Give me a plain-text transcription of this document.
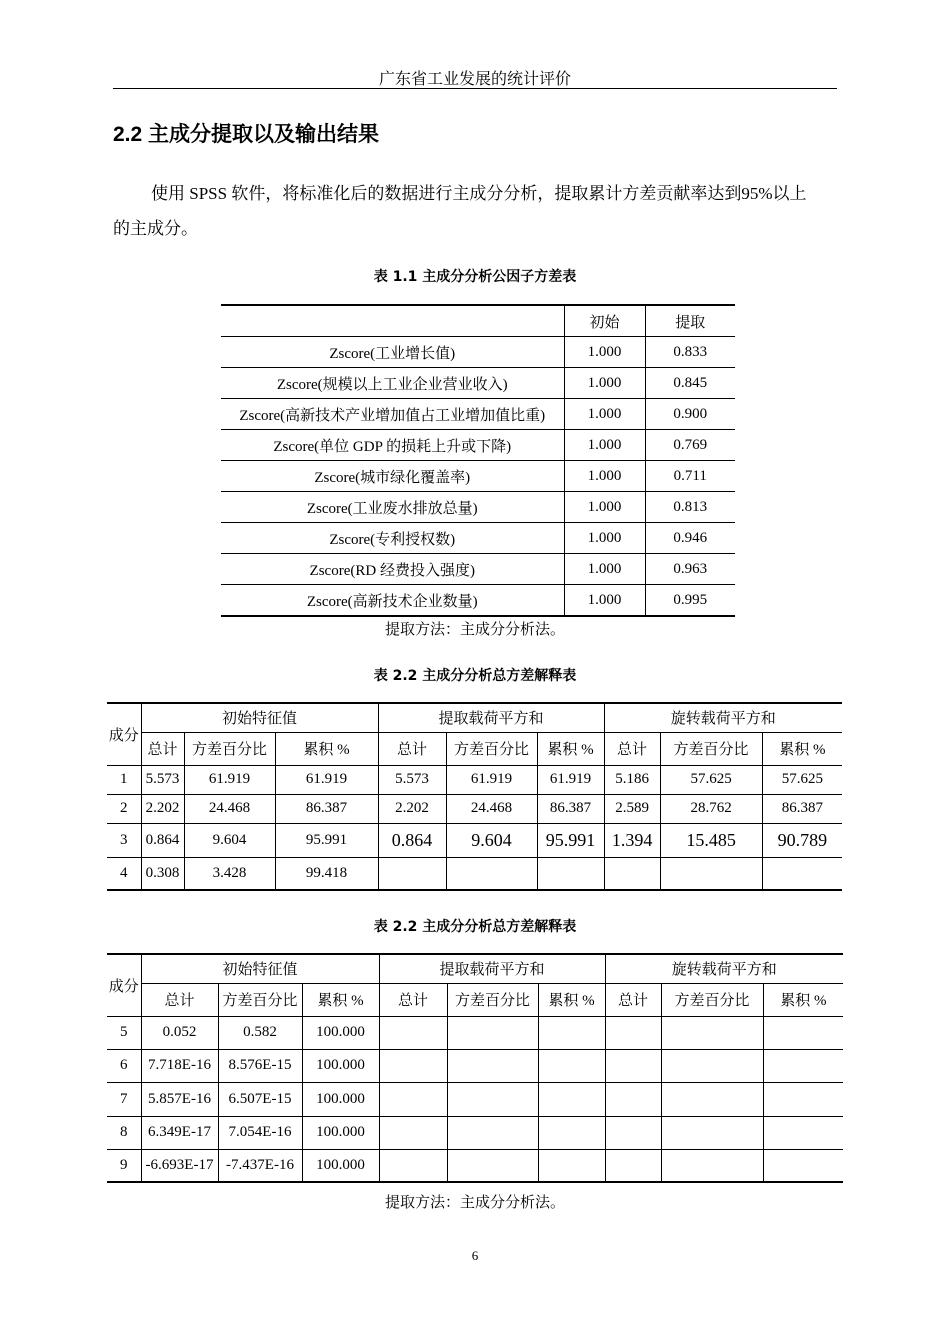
广东省工业发展的统计评价
2.2 主成分提取以及输出结果
使用 SPSS 软件，将标准化后的数据进行主成分分析，提取累计方差贡献率达到95%以上的主成分。
表 1.1 主成分分析公因子方差表
	初始	提取
Zscore(工业增长值)	1.000	0.833
Zscore(规模以上工业企业营业收入)	1.000	0.845
Zscore(高新技术产业增加值占工业增加值比重)	1.000	0.900
Zscore(单位 GDP 的损耗上升或下降)	1.000	0.769
Zscore(城市绿化覆盖率)	1.000	0.711
Zscore(工业废水排放总量)	1.000	0.813
Zscore(专利授权数)	1.000	0.946
Zscore(RD 经费投入强度)	1.000	0.963
Zscore(高新技术企业数量)	1.000	0.995
提取方法：主成分分析法。
表 2.2 主成分分析总方差解释表
成分	初始特征值			提取载荷平方和			旋转载荷平方和		
	总计	方差百分比	累积 %	总计	方差百分比	累积 %	总计	方差百分比	累积 %
1	5.573	61.919	61.919	5.573	61.919	61.919	5.186	57.625	57.625
2	2.202	24.468	86.387	2.202	24.468	86.387	2.589	28.762	86.387
3	0.864	9.604	95.991	0.864	9.604	95.991	1.394	15.485	90.789
4	0.308	3.428	99.418						
表 2.2 主成分分析总方差解释表
成分	初始特征值			提取载荷平方和			旋转载荷平方和		
	总计	方差百分比	累积 %	总计	方差百分比	累积 %	总计	方差百分比	累积 %
5	0.052	0.582	100.000						
6	7.718E-16	8.576E-15	100.000						
7	5.857E-16	6.507E-15	100.000						
8	6.349E-17	7.054E-16	100.000						
9	-6.693E-17	-7.437E-16	100.000						
提取方法：主成分分析法。
6
